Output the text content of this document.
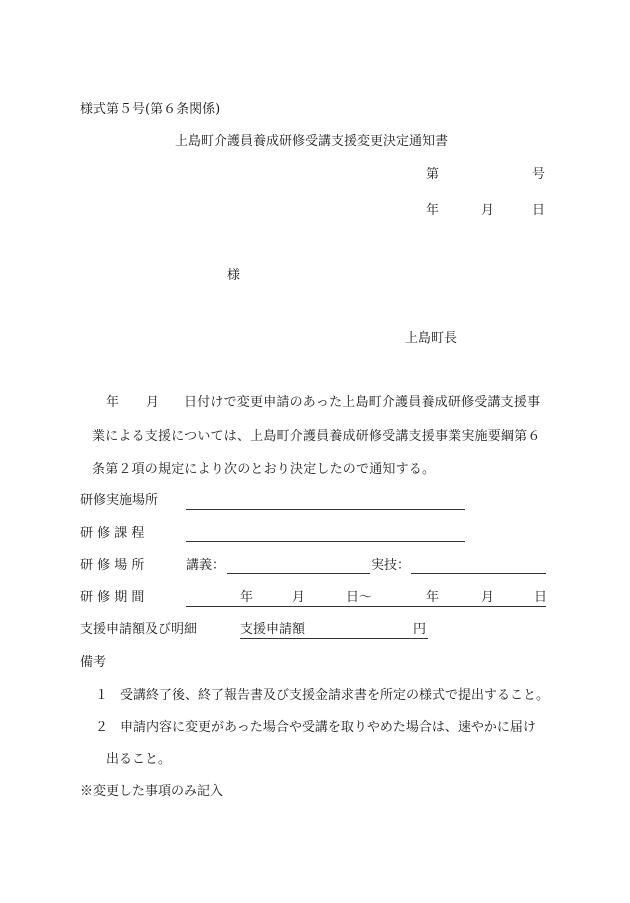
様式第５号(第６条関係)
上島町介護員養成研修受講支援変更決定通知書
第	号
年	月	日
様
上島町長
年 月 日付けで変更申請のあった上島町介護員養成研修受講支援事
業による支援については、上島町介護員養成研修受講支援事業実施要綱第６
条第２項の規定により次のとおり決定したので通知する。
研修実施場所
研 修 課 程
研 修 場 所	講義：	実技：
研 修 期 間	年	月	日～	年	月	日
支援申請額及び明細	支援申請額	円
備考
１ 受講終了後、終了報告書及び支援金請求書を所定の様式で提出すること。
２ 申請内容に変更があった場合や受講を取りやめた場合は、速やかに届け
出ること。
※変更した事項のみ記入
